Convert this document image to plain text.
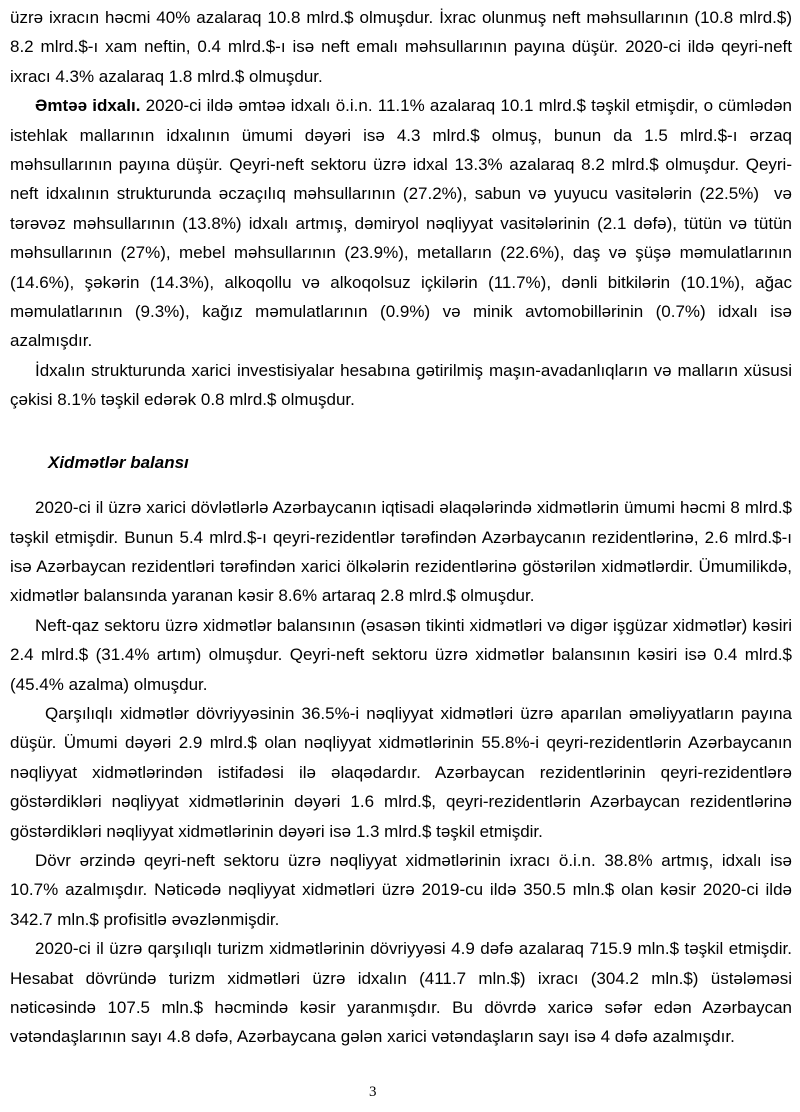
üzrə ixracın həcmi 40% azalaraq 10.8 mlrd.$ olmuşdur. İxrac olunmuş neft məhsullarının (10.8 mlrd.$) 8.2 mlrd.$-ı xam neftin, 0.4 mlrd.$-ı isə neft emalı məhsullarının payına düşür. 2020-ci ildə qeyri-neft ixracı 4.3% azalaraq 1.8 mlrd.$ olmuşdur.

Əmtəə idxalı. 2020-ci ildə əmtəə idxalı ö.i.n. 11.1% azalaraq 10.1 mlrd.$ təşkil etmişdir, o cümlədən istehlak mallarının idxalının ümumi dəyəri isə 4.3 mlrd.$ olmuş, bunun da 1.5 mlrd.$-ı ərzaq məhsullarının payına düşür. Qeyri-neft sektoru üzrə idxal 13.3% azalaraq 8.2 mlrd.$ olmuşdur. Qeyri-neft idxalının strukturunda əczaçılıq məhsullarının (27.2%), sabun və yuyucu vasitələrin (22.5%)  və tərəvəz məhsullarının (13.8%) idxalı artmış, dəmiryol nəqliyyat vasitələrinin (2.1 dəfə), tütün və tütün məhsullarının (27%), mebel məhsullarının (23.9%), metalların (22.6%), daş və şüşə məmulatlarının (14.6%), şəkərin (14.3%), alkoqollu və alkoqolsuz içkilərin (11.7%), dənli bitkilərin (10.1%), ağac məmulatlarının (9.3%), kağız məmulatlarının (0.9%) və minik avtomobillərinin (0.7%) idxalı isə azalmışdır.

İdxalın strukturunda xarici investisiyalar hesabına gətirilmiş maşın-avadanlıqların və malların xüsusi çəkisi 8.1% təşkil edərək 0.8 mlrd.$ olmuşdur.

Xidmətlər balansı

2020-ci il üzrə xarici dövlətlərlə Azərbaycanın iqtisadi əlaqələrində xidmətlərin ümumi həcmi 8 mlrd.$ təşkil etmişdir. Bunun 5.4 mlrd.$-ı qeyri-rezidentlər tərəfindən Azərbaycanın rezidentlərinə, 2.6 mlrd.$-ı isə Azərbaycan rezidentləri tərəfindən xarici ölkələrin rezidentlərinə göstərilən xidmətlərdir. Ümumilikdə, xidmətlər balansında yaranan kəsir 8.6% artaraq 2.8 mlrd.$ olmuşdur.

Neft-qaz sektoru üzrə xidmətlər balansının (əsasən tikinti xidmətləri və digər işgüzar xidmətlər) kəsiri 2.4 mlrd.$ (31.4% artım) olmuşdur. Qeyri-neft sektoru üzrə xidmətlər balansının kəsiri isə 0.4 mlrd.$ (45.4% azalma) olmuşdur.

Qarşılıqlı xidmətlər dövriyyəsinin 36.5%-i nəqliyyat xidmətləri üzrə aparılan əməliyyatların payına düşür. Ümumi dəyəri 2.9 mlrd.$ olan nəqliyyat xidmətlərinin 55.8%-i qeyri-rezidentlərin Azərbaycanın nəqliyyat xidmətlərindən istifadəsi ilə əlaqədardır. Azərbaycan rezidentlərinin qeyri-rezidentlərə göstərdikləri nəqliyyat xidmətlərinin dəyəri 1.6 mlrd.$, qeyri-rezidentlərin Azərbaycan rezidentlərinə göstərdikləri nəqliyyat xidmətlərinin dəyəri isə 1.3 mlrd.$ təşkil etmişdir.

Dövr ərzində qeyri-neft sektoru üzrə nəqliyyat xidmətlərinin ixracı ö.i.n. 38.8% artmış, idxalı isə 10.7% azalmışdır. Nəticədə nəqliyyat xidmətləri üzrə 2019-cu ildə 350.5 mln.$ olan kəsir 2020-ci ildə 342.7 mln.$ profisitlə əvəzlənmişdir.

2020-ci il üzrə qarşılıqlı turizm xidmətlərinin dövriyyəsi 4.9 dəfə azalaraq 715.9 mln.$ təşkil etmişdir. Hesabat dövründə turizm xidmətləri üzrə idxalın (411.7 mln.$) ixracı (304.2 mln.$) üstələməsi nəticəsində 107.5 mln.$ həcmində kəsir yaranmışdır. Bu dövrdə xaricə səfər edən Azərbaycan vətəndaşlarının sayı 4.8 dəfə, Azərbaycana gələn xarici vətəndaşların sayı isə 4 dəfə azalmışdır.

3
